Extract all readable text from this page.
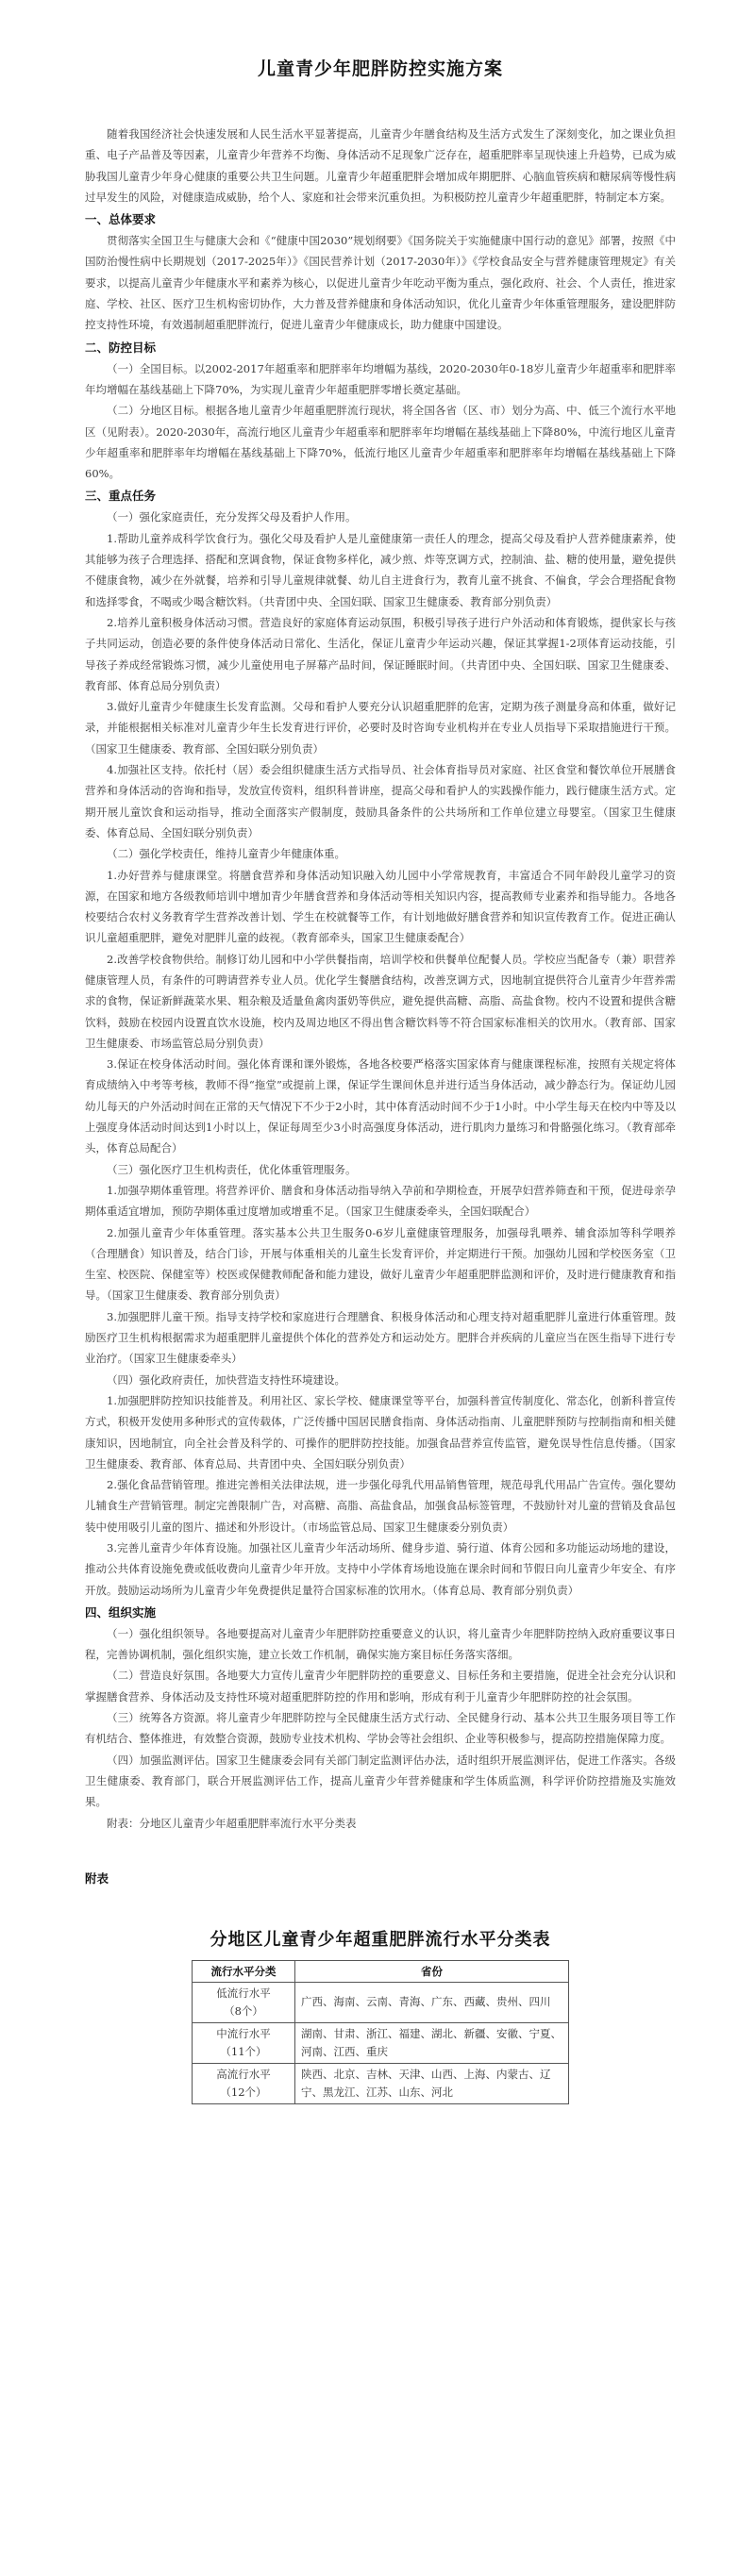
儿童青少年肥胖防控实施方案

随着我国经济社会快速发展和人民生活水平显著提高，儿童青少年膳食结构及生活方式发生了深刻变化，加之课业负担重、电子产品普及等因素，儿童青少年营养不均衡、身体活动不足现象广泛存在，超重肥胖率呈现快速上升趋势，已成为威胁我国儿童青少年身心健康的重要公共卫生问题。儿童青少年超重肥胖会增加成年期肥胖、心脑血管疾病和糖尿病等慢性病过早发生的风险，对健康造成威胁，给个人、家庭和社会带来沉重负担。为积极防控儿童青少年超重肥胖，特制定本方案。

一、总体要求

贯彻落实全国卫生与健康大会和《“健康中国2030”规划纲要》《国务院关于实施健康中国行动的意见》部署，按照《中国防治慢性病中长期规划（2017-2025年）》《国民营养计划（2017-2030年）》《学校食品安全与营养健康管理规定》有关要求，以提高儿童青少年健康水平和素养为核心，以促进儿童青少年吃动平衡为重点，强化政府、社会、个人责任，推进家庭、学校、社区、医疗卫生机构密切协作，大力普及营养健康和身体活动知识，优化儿童青少年体重管理服务，建设肥胖防控支持性环境，有效遏制超重肥胖流行，促进儿童青少年健康成长，助力健康中国建设。

二、防控目标

（一）全国目标。以2002-2017年超重率和肥胖率年均增幅为基线，2020-2030年0-18岁儿童青少年超重率和肥胖率年均增幅在基线基础上下降70%，为实现儿童青少年超重肥胖零增长奠定基础。

（二）分地区目标。根据各地儿童青少年超重肥胖流行现状，将全国各省（区、市）划分为高、中、低三个流行水平地区（见附表）。2020-2030年，高流行地区儿童青少年超重率和肥胖率年均增幅在基线基础上下降80%，中流行地区儿童青少年超重率和肥胖率年均增幅在基线基础上下降70%，低流行地区儿童青少年超重率和肥胖率年均增幅在基线基础上下降60%。

三、重点任务

（一）强化家庭责任，充分发挥父母及看护人作用。

1.帮助儿童养成科学饮食行为。强化父母及看护人是儿童健康第一责任人的理念，提高父母及看护人营养健康素养，使其能够为孩子合理选择、搭配和烹调食物，保证食物多样化，减少煎、炸等烹调方式，控制油、盐、糖的使用量，避免提供不健康食物，减少在外就餐，培养和引导儿童规律就餐、幼儿自主进食行为，教育儿童不挑食、不偏食，学会合理搭配食物和选择零食，不喝或少喝含糖饮料。（共青团中央、全国妇联、国家卫生健康委、教育部分别负责）

2.培养儿童积极身体活动习惯。营造良好的家庭体育运动氛围，积极引导孩子进行户外活动和体育锻炼，提供家长与孩子共同运动，创造必要的条件使身体活动日常化、生活化，保证儿童青少年运动兴趣，保证其掌握1-2项体育运动技能，引导孩子养成经常锻炼习惯，减少儿童使用电子屏幕产品时间，保证睡眠时间。（共青团中央、全国妇联、国家卫生健康委、教育部、体育总局分别负责）

3.做好儿童青少年健康生长发育监测。父母和看护人要充分认识超重肥胖的危害，定期为孩子测量身高和体重，做好记录，并能根据相关标准对儿童青少年生长发育进行评价，必要时及时咨询专业机构并在专业人员指导下采取措施进行干预。（国家卫生健康委、教育部、全国妇联分别负责）

4.加强社区支持。依托村（居）委会组织健康生活方式指导员、社会体育指导员对家庭、社区食堂和餐饮单位开展膳食营养和身体活动的咨询和指导，发放宣传资料，组织科普讲座，提高父母和看护人的实践操作能力，践行健康生活方式。定期开展儿童饮食和运动指导，推动全面落实产假制度，鼓励具备条件的公共场所和工作单位建立母婴室。（国家卫生健康委、体育总局、全国妇联分别负责）

（二）强化学校责任，维持儿童青少年健康体重。

1.办好营养与健康课堂。将膳食营养和身体活动知识融入幼儿园中小学常规教育，丰富适合不同年龄段儿童学习的资源，在国家和地方各级教师培训中增加青少年膳食营养和身体活动等相关知识内容，提高教师专业素养和指导能力。各地各校要结合农村义务教育学生营养改善计划、学生在校就餐等工作，有计划地做好膳食营养和知识宣传教育工作。促进正确认识儿童超重肥胖，避免对肥胖儿童的歧视。（教育部牵头，国家卫生健康委配合）

2.改善学校食物供给。制修订幼儿园和中小学供餐指南，培训学校和供餐单位配餐人员。学校应当配备专（兼）职营养健康管理人员，有条件的可聘请营养专业人员。优化学生餐膳食结构，改善烹调方式，因地制宜提供符合儿童青少年营养需求的食物，保证新鲜蔬菜水果、粗杂粮及适量鱼禽肉蛋奶等供应，避免提供高糖、高脂、高盐食物。校内不设置和提供含糖饮料，鼓励在校园内设置直饮水设施，校内及周边地区不得出售含糖饮料等不符合国家标准相关的饮用水。（教育部、国家卫生健康委、市场监管总局分别负责）

3.保证在校身体活动时间。强化体育课和课外锻炼，各地各校要严格落实国家体育与健康课程标准，按照有关规定将体育成绩纳入中考等考核，教师不得“拖堂”或提前上课，保证学生课间休息并进行适当身体活动，减少静态行为。保证幼儿园幼儿每天的户外活动时间在正常的天气情况下不少于2小时，其中体育活动时间不少于1小时。中小学生每天在校内中等及以上强度身体活动时间达到1小时以上，保证每周至少3小时高强度身体活动，进行肌肉力量练习和骨骼强化练习。（教育部牵头，体育总局配合）

（三）强化医疗卫生机构责任，优化体重管理服务。

1.加强孕期体重管理。将营养评价、膳食和身体活动指导纳入孕前和孕期检查，开展孕妇营养筛查和干预，促进母亲孕期体重适宜增加，预防孕期体重过度增加或增重不足。（国家卫生健康委牵头，全国妇联配合）

2.加强儿童青少年体重管理。落实基本公共卫生服务0-6岁儿童健康管理服务，加强母乳喂养、辅食添加等科学喂养（合理膳食）知识普及，结合门诊，开展与体重相关的儿童生长发育评价，并定期进行干预。加强幼儿园和学校医务室（卫生室、校医院、保健室等）校医或保健教师配备和能力建设，做好儿童青少年超重肥胖监测和评价，及时进行健康教育和指导。（国家卫生健康委、教育部分别负责）

3.加强肥胖儿童干预。指导支持学校和家庭进行合理膳食、积极身体活动和心理支持对超重肥胖儿童进行体重管理。鼓励医疗卫生机构根据需求为超重肥胖儿童提供个体化的营养处方和运动处方。肥胖合并疾病的儿童应当在医生指导下进行专业治疗。（国家卫生健康委牵头）

（四）强化政府责任，加快营造支持性环境建设。

1.加强肥胖防控知识技能普及。利用社区、家长学校、健康课堂等平台，加强科普宣传制度化、常态化，创新科普宣传方式，积极开发使用多种形式的宣传载体，广泛传播中国居民膳食指南、身体活动指南、儿童肥胖预防与控制指南和相关健康知识，因地制宜，向全社会普及科学的、可操作的肥胖防控技能。加强食品营养宣传监管，避免误导性信息传播。（国家卫生健康委、教育部、体育总局、共青团中央、全国妇联分别负责）

2.强化食品营销管理。推进完善相关法律法规，进一步强化母乳代用品销售管理，规范母乳代用品广告宣传。强化婴幼儿辅食生产营销管理。制定完善限制广告，对高糖、高脂、高盐食品，加强食品标签管理，不鼓励针对儿童的营销及食品包装中使用吸引儿童的图片、描述和外形设计。（市场监管总局、国家卫生健康委分别负责）

3.完善儿童青少年体育设施。加强社区儿童青少年活动场所、健身步道、骑行道、体育公园和多功能运动场地的建设，推动公共体育设施免费或低收费向儿童青少年开放。支持中小学体育场地设施在课余时间和节假日向儿童青少年安全、有序开放。鼓励运动场所为儿童青少年免费提供足量符合国家标准的饮用水。（体育总局、教育部分别负责）

四、组织实施

（一）强化组织领导。各地要提高对儿童青少年肥胖防控重要意义的认识，将儿童青少年肥胖防控纳入政府重要议事日程，完善协调机制，强化组织实施，建立长效工作机制，确保实施方案目标任务落实落细。

（二）营造良好氛围。各地要大力宣传儿童青少年肥胖防控的重要意义、目标任务和主要措施，促进全社会充分认识和掌握膳食营养、身体活动及支持性环境对超重肥胖防控的作用和影响，形成有利于儿童青少年肥胖防控的社会氛围。

（三）统筹各方资源。将儿童青少年肥胖防控与全民健康生活方式行动、全民健身行动、基本公共卫生服务项目等工作有机结合、整体推进，有效整合资源，鼓励专业技术机构、学协会等社会组织、企业等积极参与，提高防控措施保障力度。

（四）加强监测评估。国家卫生健康委会同有关部门制定监测评估办法，适时组织开展监测评估，促进工作落实。各级卫生健康委、教育部门，联合开展监测评估工作，提高儿童青少年营养健康和学生体质监测，科学评价防控措施及实施效果。

附表：分地区儿童青少年超重肥胖率流行水平分类表

附表
分地区儿童青少年超重肥胖流行水平分类表
流行水平分类	省份

低流行水平
（8个）	广西、海南、云南、青海、广东、西藏、贵州、四川

中流行水平
（11个）	湖南、甘肃、浙江、福建、湖北、新疆、安徽、宁夏、河南、江西、重庆

高流行水平
（12个）	陕西、北京、吉林、天津、山西、上海、内蒙古、辽宁、黑龙江、江苏、山东、河北
